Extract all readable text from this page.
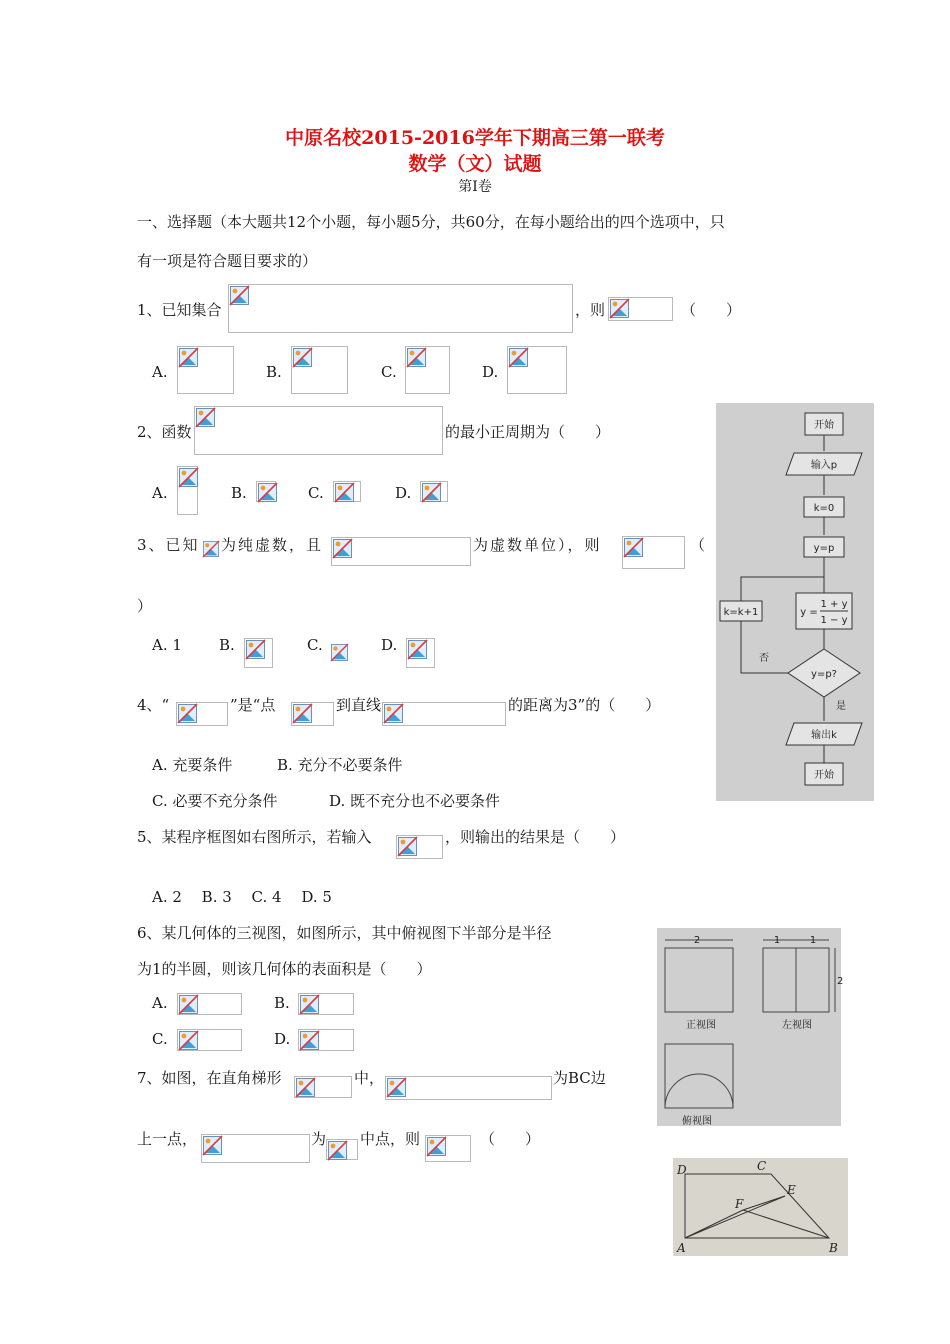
中原名校2015-2016学年下期高三第一联考
数学（文）试题
第Ⅰ卷
一、选择题（本大题共12个小题，每小题5分，共60分，在每小题给出的四个选项中，只
有一项是符合题目要求的）
1、已知集合	，则	（　　）
A.	B.	C.	D.
2、函数	的最小正周期为（　　）
A.	B.	C.	D.
3、已知 为纯虚数，且	为虚数单位），则	（
）
A. 1 B.	C.	D.
4、“	”是“点	到直线	的距离为3”的（　　）
A. 充要条件	B. 充分不必要条件
C. 必要不充分条件	D. 既不充分也不必要条件
5、某程序框图如右图所示，若输入	，则输出的结果是（　　）
A. 2　 B. 3　 C. 4　 D. 5
6、某几何体的三视图，如图所示，其中俯视图下半部分是半径
为1的半圆，则该几何体的表面积是（　　）
A.	B.
C.	D.
7、如图，在直角梯形	中，	为BC边
上一点，	为 中点，则	（　　）
开始
输入p
k=0
y=p
y =
1 + y
1 − y
k=k+1
y=p?
否
是
输出k
开始
2
正视图
1	1
2
左视图
俯视图
D	C
E
F
A	B
